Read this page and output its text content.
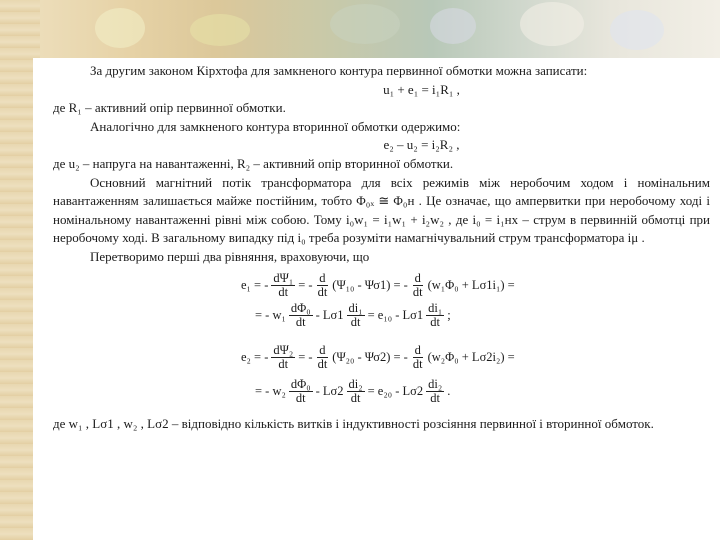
За другим законом Кірхтофа для замкненого контура первинної обмотки можна записати:

u₁ + e₁ = i₁R₁ ,

де R₁ – активний опір первинної обмотки.

Аналогічно для замкненого контура вторинної обмотки одержимо:

e₂ – u₂ = i₂R₂ ,

де u₂ – напруга на навантаженні, R₂ – активний опір вторинної обмотки.

Основний магнітний потік трансформатора для всіх режимів між неробочим ходом і номінальним навантаженням залишається майже постійним, тобто Φ₀ₓ ≅ Φ₀н . Це означає, що ампервитки при неробочому ході і номінальному навантаженні рівні між собою. Тому i₀w₁ = i₁w₁ + i₂w₂ , де i₀ = i₁нх – струм в первинній обмотці при неробочому ході. В загальному випадку під i₀ треба розуміти намагнічувальний струм трансформатора iμ .

Перетворимо перші два рівняння, враховуючи, що

e₁ = - $\frac{\text{dΨ₁}}{dt}$ = - $\frac{d}{dt} (\Psi_{10} - \Psi\sigma 1)$ = - $\frac{d}{dt} (w_1\Phi_0 + L\sigma 1i_1)$ =
= - $w_1 \frac{\text{dΦ₀}}{dt} - L\sigma 1 \frac{\text{di₁}}{dt} = e_{10} - L\sigma 1 \frac{\text{di₁}}{dt}$ ;
e₂ = - $\frac{\text{dΨ₂}}{dt}$ = - $\frac{d}{dt} (\Psi_{20} - \Psi\sigma 2)$ = - $\frac{d}{dt} (w_2\Phi_0 + L\sigma 2i_2)$ =
= - $w_2 \frac{\text{dΦ₀}}{dt} - L\sigma 2 \frac{\text{di₂}}{dt} = e_{20} - L\sigma 2 \frac{\text{di₂}}{dt}$ .

де w₁ , Lσ1 , w₂ , Lσ2 – відповідно кількість витків і індуктивності розсіяння первинної і вторинної обмоток.
